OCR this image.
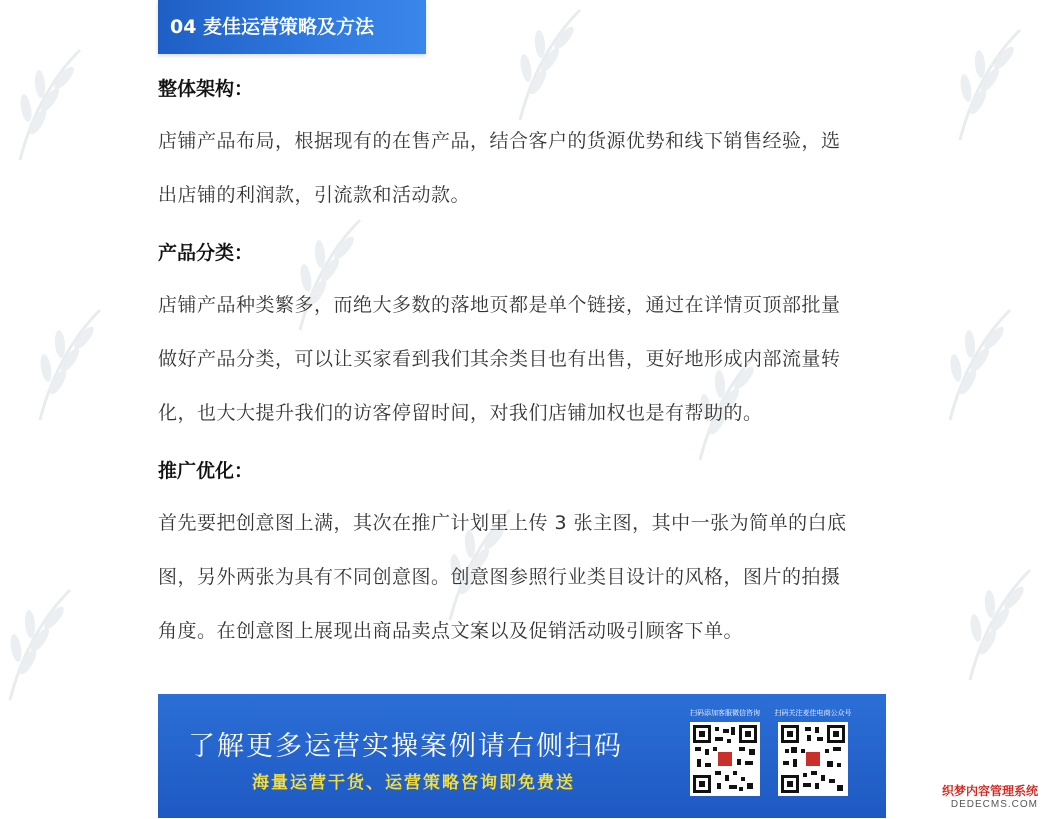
04 麦佳运营策略及方法
整体架构：
店铺产品布局，根据现有的在售产品，结合客户的货源优势和线下销售经验，选
出店铺的利润款，引流款和活动款。
产品分类：
店铺产品种类繁多，而绝大多数的落地页都是单个链接，通过在详情页顶部批量
做好产品分类，可以让买家看到我们其余类目也有出售，更好地形成内部流量转
化，也大大提升我们的访客停留时间，对我们店铺加权也是有帮助的。
推广优化：
首先要把创意图上满，其次在推广计划里上传 3 张主图，其中一张为简单的白底
图，另外两张为具有不同创意图。创意图参照行业类目设计的风格，图片的拍摄
角度。在创意图上展现出商品卖点文案以及促销活动吸引顾客下单。
了解更多运营实操案例请右侧扫码
海量运营干货、运营策略咨询即免费送
扫码添加客服微信咨询	扫码关注麦佳电商公众号
织梦内容管理系统
DEDECMS.COM
